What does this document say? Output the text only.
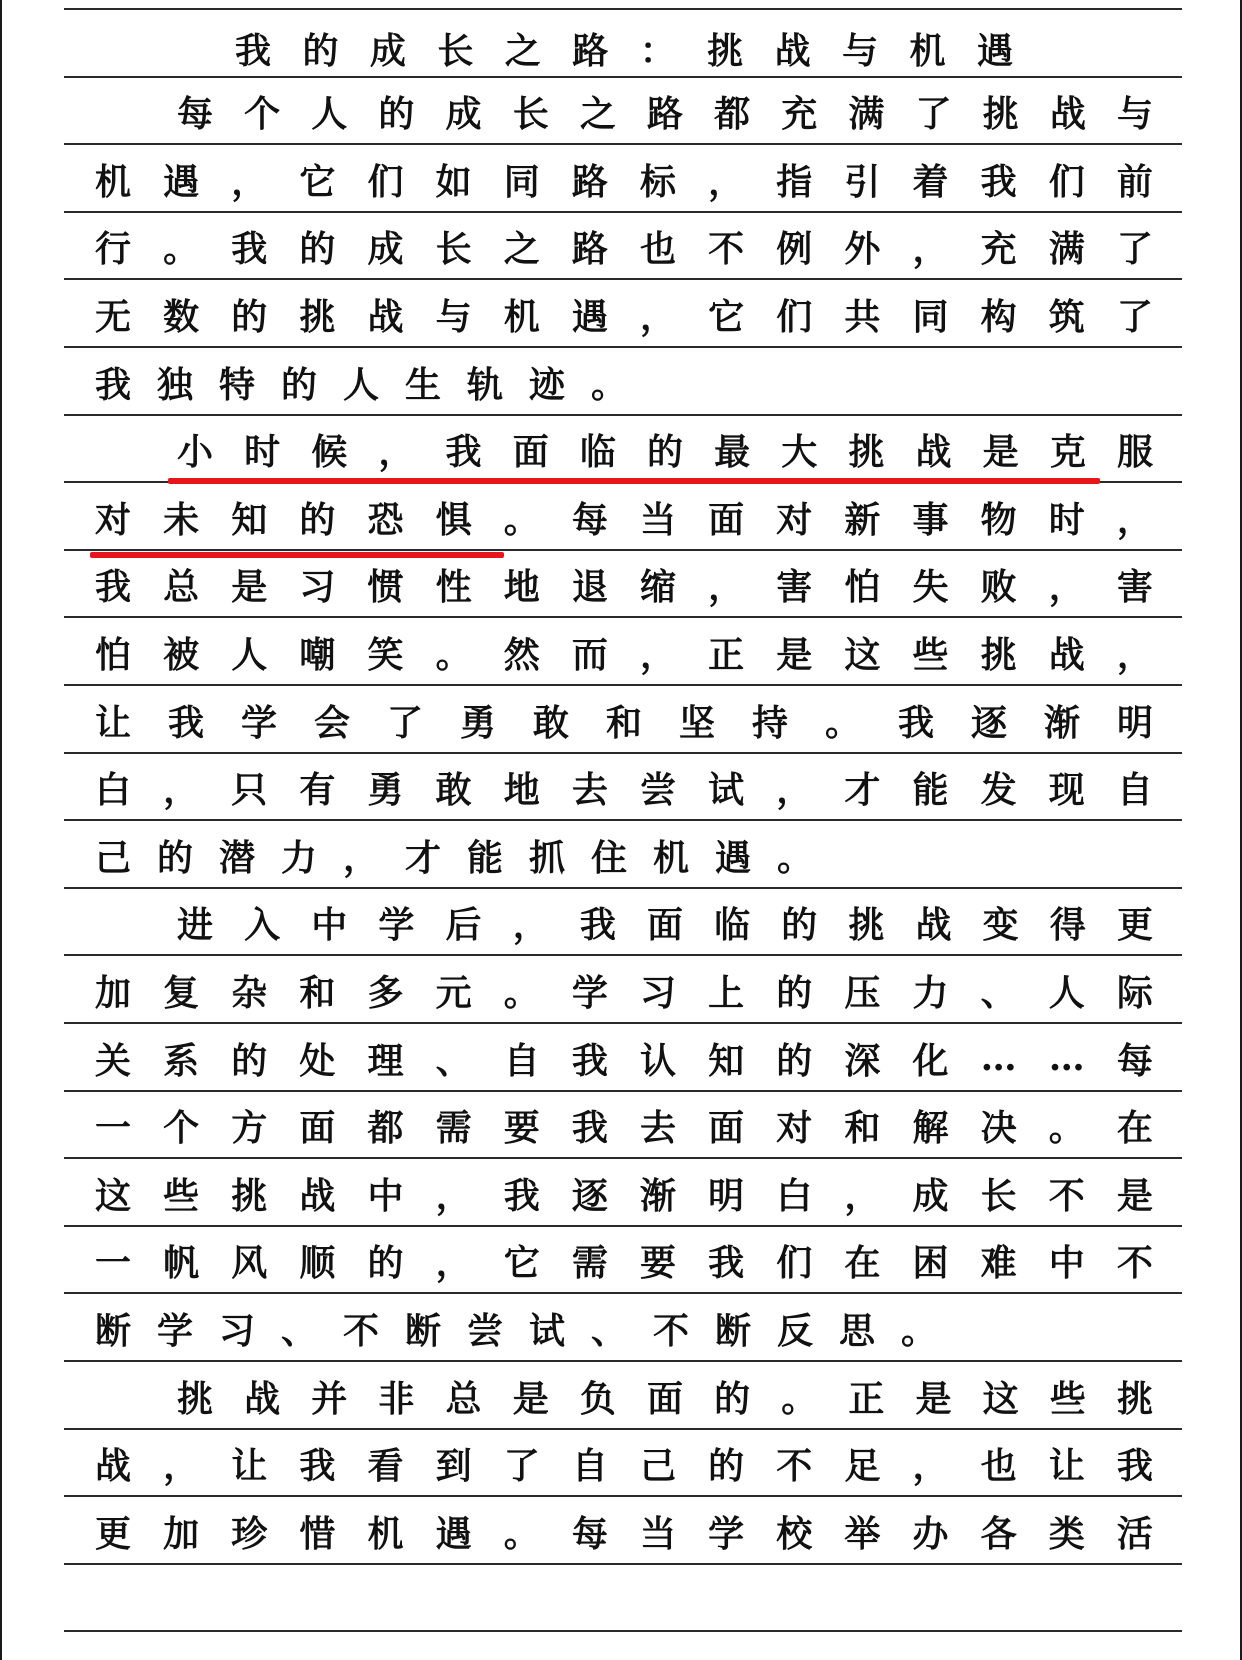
我 的 成 长 之 路 ： 挑 战 与 机 遇
每 个 人 的 成 长 之 路 都 充 满 了 挑 战 与
机 遇 ， 它 们 如 同 路 标 ， 指 引 着 我 们 前
行 。 我 的 成 长 之 路 也 不 例 外 ， 充 满 了
无 数 的 挑 战 与 机 遇 ， 它 们 共 同 构 筑 了
我 独 特 的 人 生 轨 迹 。
小 时 候 ， 我 面 临 的 最 大 挑 战 是 克 服
对 未 知 的 恐 惧 。 每 当 面 对 新 事 物 时 ，
我 总 是 习 惯 性 地 退 缩 ， 害 怕 失 败 ， 害
怕 被 人 嘲 笑 。 然 而 ， 正 是 这 些 挑 战 ，
让 我 学 会 了 勇 敢 和 坚 持 。 我 逐 渐 明
白 ， 只 有 勇 敢 地 去 尝 试 ， 才 能 发 现 自
己 的 潜 力 ， 才 能 抓 住 机 遇 。
进 入 中 学 后 ， 我 面 临 的 挑 战 变 得 更
加 复 杂 和 多 元 。 学 习 上 的 压 力 、 人 际
关 系 的 处 理 、 自 我 认 知 的 深 化 … … 每
一 个 方 面 都 需 要 我 去 面 对 和 解 决 。 在
这 些 挑 战 中 ， 我 逐 渐 明 白 ， 成 长 不 是
一 帆 风 顺 的 ， 它 需 要 我 们 在 困 难 中 不
断 学 习 、 不 断 尝 试 、 不 断 反 思 。
挑 战 并 非 总 是 负 面 的 。 正 是 这 些 挑
战 ， 让 我 看 到 了 自 己 的 不 足 ， 也 让 我
更 加 珍 惜 机 遇 。 每 当 学 校 举 办 各 类 活
